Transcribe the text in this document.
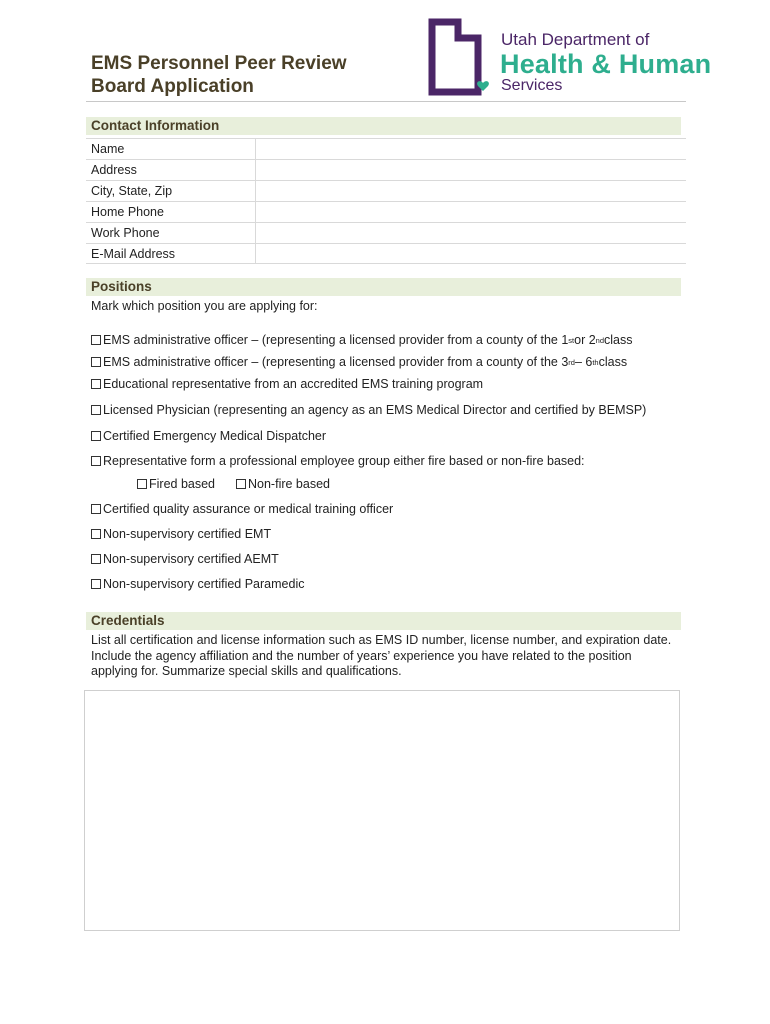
EMS Personnel Peer Review
Board Application
Utah Department of
Health & Human
Services
Contact Information
Name
Address
City, State, Zip
Home Phone
Work Phone
E-Mail Address
Positions
Mark which position you are applying for:
EMS administrative officer – (representing a licensed provider from a county of the 1 st or 2 nd class
EMS administrative officer – (representing a licensed provider from a county of the 3 rd – 6 th class
Educational representative from an accredited EMS training program
Licensed Physician (representing an agency as an EMS Medical Director and certified by BEMSP)
Certified Emergency Medical Dispatcher
Representative form a professional employee group either fire based or non-fire based:
Fired based	Non-fire based
Certified quality assurance or medical training officer
Non-supervisory certified EMT
Non-supervisory certified AEMT
Non-supervisory certified Paramedic
Credentials
List all certification and license information such as EMS ID number, license number, and expiration date.
Include the agency affiliation and the number of years’ experience you have related to the position
applying for. Summarize special skills and qualifications.
